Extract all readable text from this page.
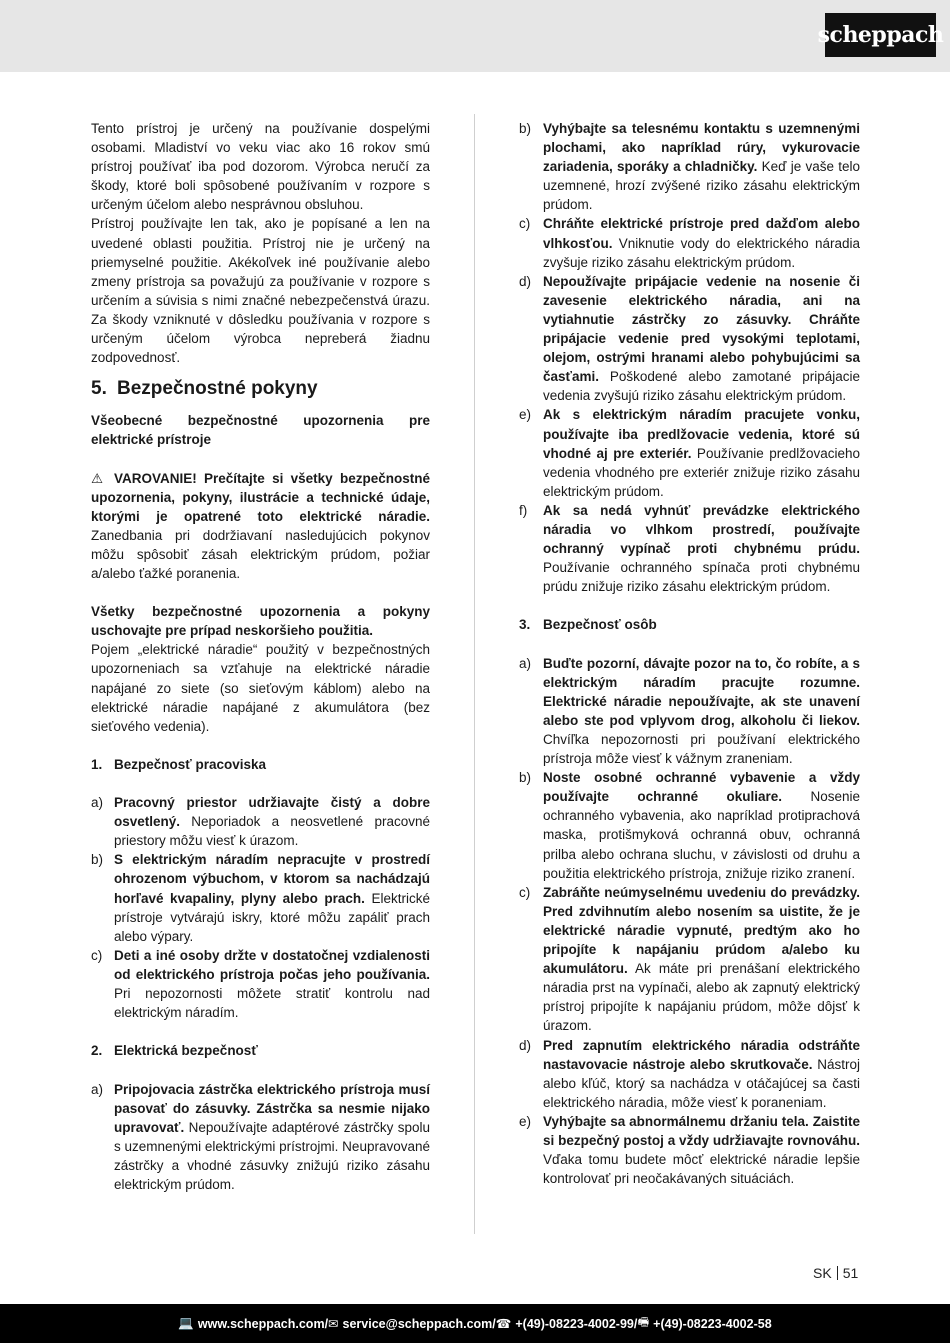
scheppach

Tento prístroj je určený na používanie dospelými osobami. Mladiství vo veku viac ako 16 rokov smú prístroj používať iba pod dozorom. Výrobca neručí za škody, ktoré boli spôsobené používaním v rozpore s určeným účelom alebo nesprávnou obsluhou.

Prístroj používajte len tak, ako je popísané a len na uvedené oblasti použitia. Prístroj nie je určený na priemyselné použitie. Akékoľvek iné používanie alebo zmeny prístroja sa považujú za používanie v rozpore s určením a súvisia s nimi značné nebezpečenstvá úrazu. Za škody vzniknuté v dôsledku používania v rozpore s určeným účelom výrobca nepreberá žiadnu zodpovednosť.

5. Bezpečnostné pokyny

Všeobecné bezpečnostné upozornenia pre elektrické prístroje

⚠ VAROVANIE! Prečítajte si všetky bezpečnostné upozornenia, pokyny, ilustrácie a technické údaje, ktorými je opatrené toto elektrické náradie. Zanedbania pri dodržiavaní nasledujúcich pokynov môžu spôsobiť zásah elektrickým prúdom, požiar a/alebo ťažké poranenia.

Všetky bezpečnostné upozornenia a pokyny uschovajte pre prípad neskoršieho použitia.

Pojem „elektrické náradie“ použitý v bezpečnostných upozorneniach sa vzťahuje na elektrické náradie napájané zo siete (so sieťovým káblom) alebo na elektrické náradie napájané z akumulátora (bez sieťového vedenia).

1. Bezpečnosť pracoviska
a) Pracovný priestor udržiavajte čistý a dobre osvetlený. Neporiadok a neosvetlené pracovné priestory môžu viesť k úrazom.
b) S elektrickým náradím nepracujte v prostredí ohrozenom výbuchom, v ktorom sa nachádzajú horľavé kvapaliny, plyny alebo prach. Elektrické prístroje vytvárajú iskry, ktoré môžu zapáliť prach alebo výpary.
c) Deti a iné osoby držte v dostatočnej vzdialenosti od elektrického prístroja počas jeho používania. Pri nepozornosti môžete stratiť kontrolu nad elektrickým náradím.
2. Elektrická bezpečnosť
a) Pripojovacia zástrčka elektrického prístroja musí pasovať do zásuvky. Zástrčka sa nesmie nijako upravovať. Nepoužívajte adaptérové zástrčky spolu s uzemnenými elektrickými prístrojmi. Neupravované zástrčky a vhodné zásuvky znižujú riziko zásahu elektrickým prúdom.
b) Vyhýbajte sa telesnému kontaktu s uzemnenými plochami, ako napríklad rúry, vykurovacie zariadenia, sporáky a chladničky. Keď je vaše telo uzemnené, hrozí zvýšené riziko zásahu elektrickým prúdom.
c) Chráňte elektrické prístroje pred dažďom alebo vlhkosťou. Vniknutie vody do elektrického náradia zvyšuje riziko zásahu elektrickým prúdom.
d) Nepoužívajte pripájacie vedenie na nosenie či zavesenie elektrického náradia, ani na vytiahnutie zástrčky zo zásuvky. Chráňte pripájacie vedenie pred vysokými teplotami, olejom, ostrými hranami alebo pohybujúcimi sa časťami. Poškodené alebo zamotané pripájacie vedenia zvyšujú riziko zásahu elektrickým prúdom.
e) Ak s elektrickým náradím pracujete vonku, používajte iba predlžovacie vedenia, ktoré sú vhodné aj pre exteriér. Používanie predlžovacieho vedenia vhodného pre exteriér znižuje riziko zásahu elektrickým prúdom.
f)	Ak sa nedá vyhnúť prevádzke elektrického náradia vo vlhkom prostredí, používajte ochranný vypínač proti chybnému prúdu. Používanie ochranného spínača proti chybnému prúdu znižuje riziko zásahu elektrickým prúdom.
3. Bezpečnosť osôb
a) Buďte pozorní, dávajte pozor na to, čo robíte, a s elektrickým náradím pracujte rozumne. Elektrické náradie nepoužívajte, ak ste unavení alebo ste pod vplyvom drog, alkoholu či liekov. Chvíľka nepozornosti pri používaní elektrického prístroja môže viesť k vážnym zraneniam.
b) Noste osobné ochranné vybavenie a vždy používajte ochranné okuliare. Nosenie ochranného vybavenia, ako napríklad protiprachová maska, protišmyková ochranná obuv, ochranná prilba alebo ochrana sluchu, v závislosti od druhu a použitia elektrického prístroja, znižuje riziko zranení.
c) Zabráňte neúmyselnému uvedeniu do prevádzky. Pred zdvihnutím alebo nosením sa uistite, že je elektrické náradie vypnuté, predtým ako ho pripojíte k napájaniu prúdom a/alebo ku akumulátoru. Ak máte pri prenášaní elektrického náradia prst na vypínači, alebo ak zapnutý elektrický prístroj pripojíte k napájaniu prúdom, môže dôjsť k úrazom.
d) Pred zapnutím elektrického náradia odstráňte nastavovacie nástroje alebo skrutkovače. Nástroj alebo kľúč, ktorý sa nachádza v otáčajúcej sa časti elektrického náradia, môže viesť k poraneniam.
e) Vyhýbajte sa abnormálnemu držaniu tela. Zaistite si bezpečný postoj a vždy udržiavajte rovnováhu. Vďaka tomu budete môcť elektrické náradie lepšie kontrolovať pri neočakávaných situáciách.
SK 51
💻 www.scheppach.com / ✉ service@scheppach.com / ☎ +(49)-08223-4002-99 / 🖷 +(49)-08223-4002-58
